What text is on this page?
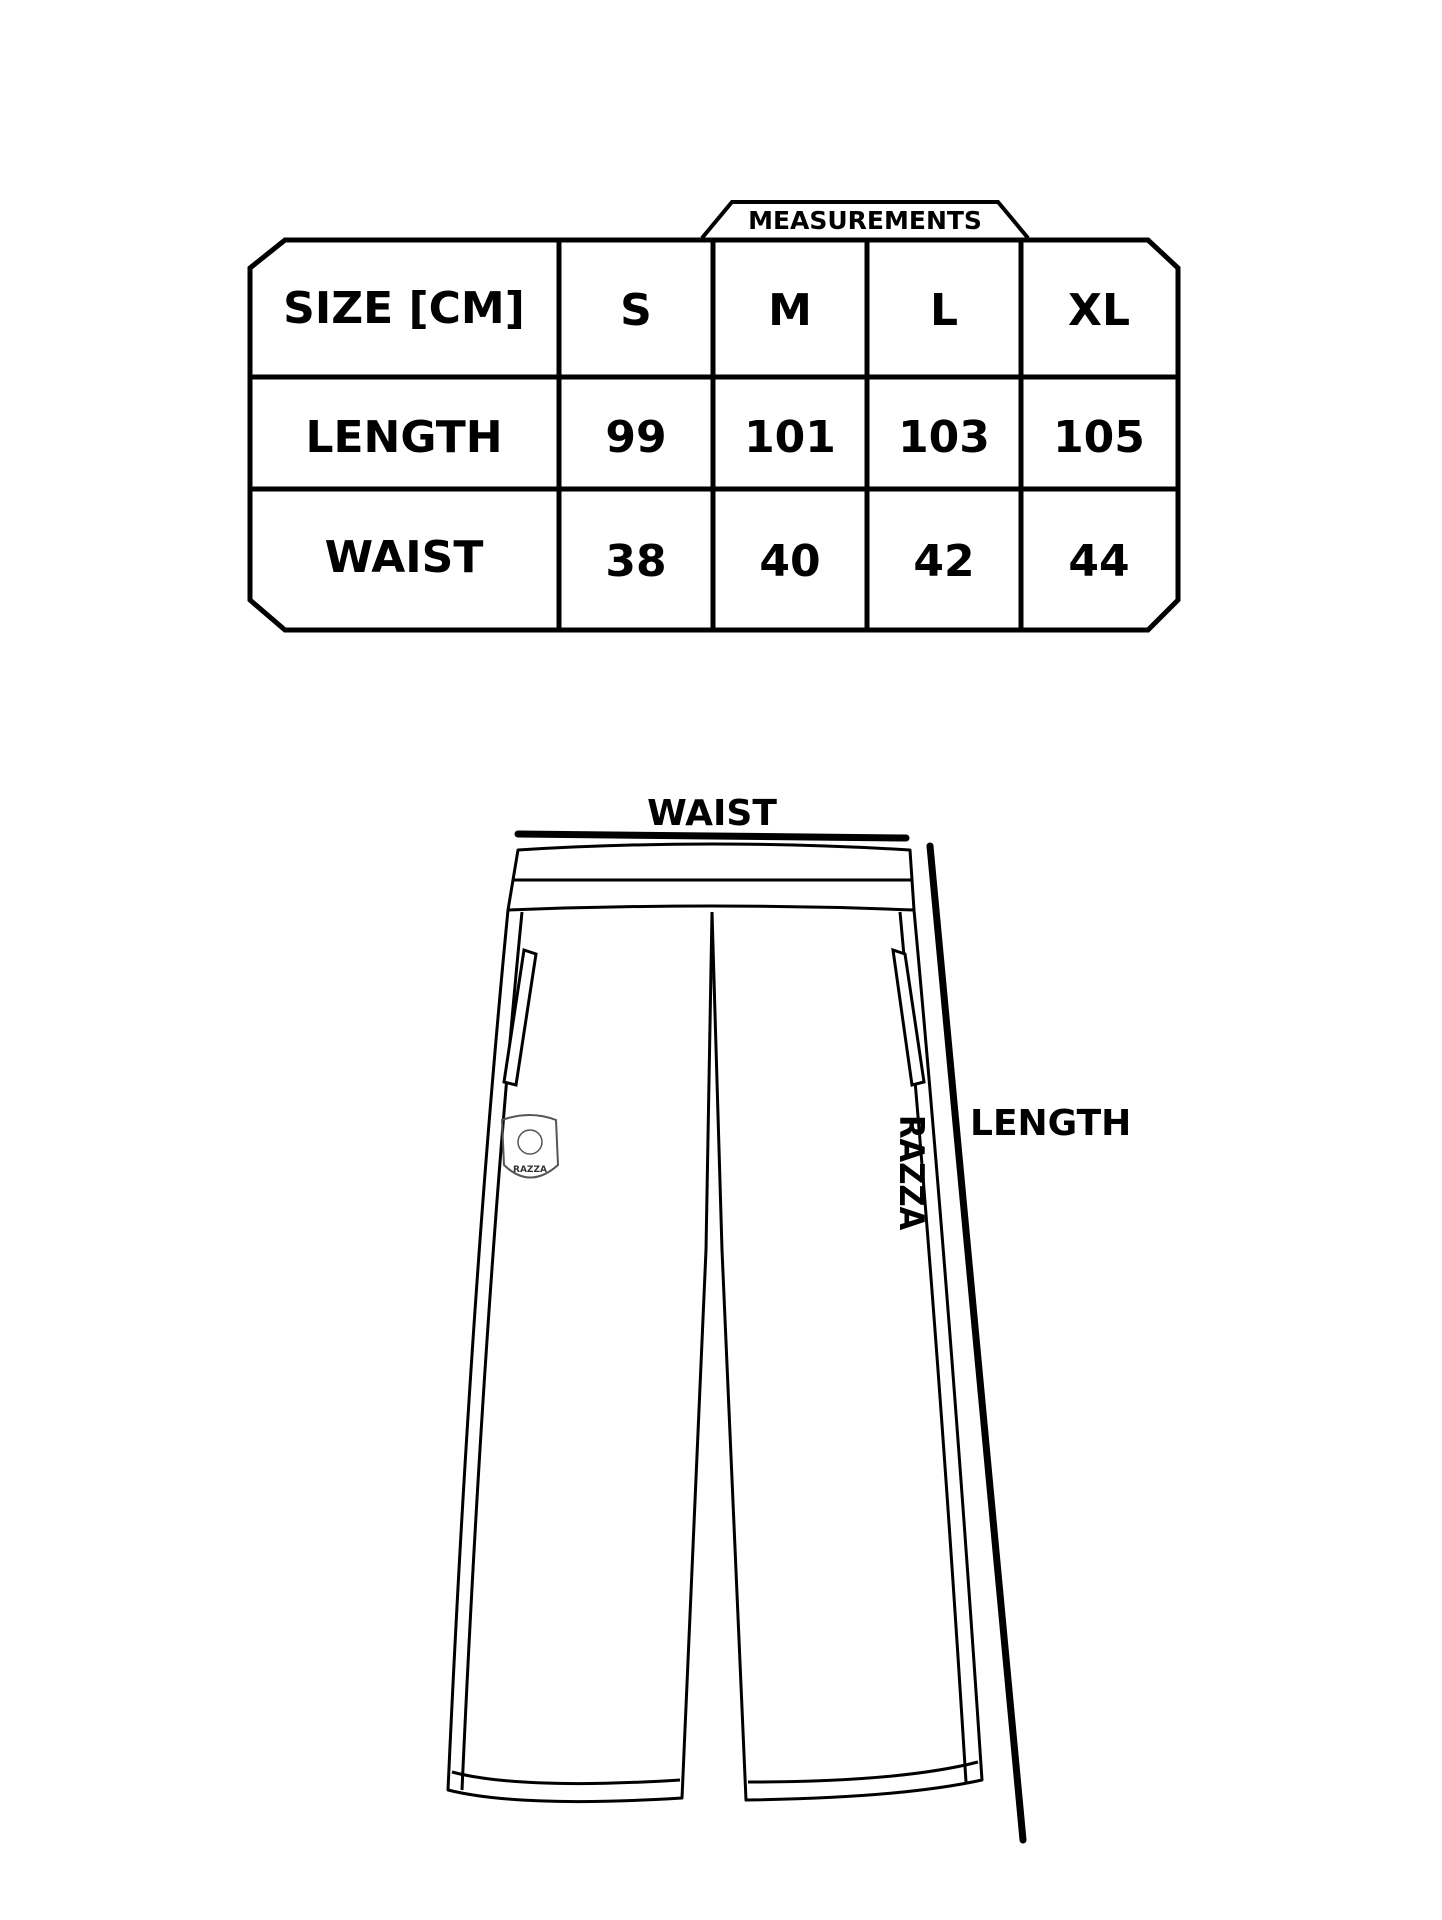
MEASUREMENTS
SIZE [CM] S	M	L XL
LENGTH 99 101 103 105
WAIST	38 40 42 44
WAIST
LENGTH
RAZZA	RAZZA
